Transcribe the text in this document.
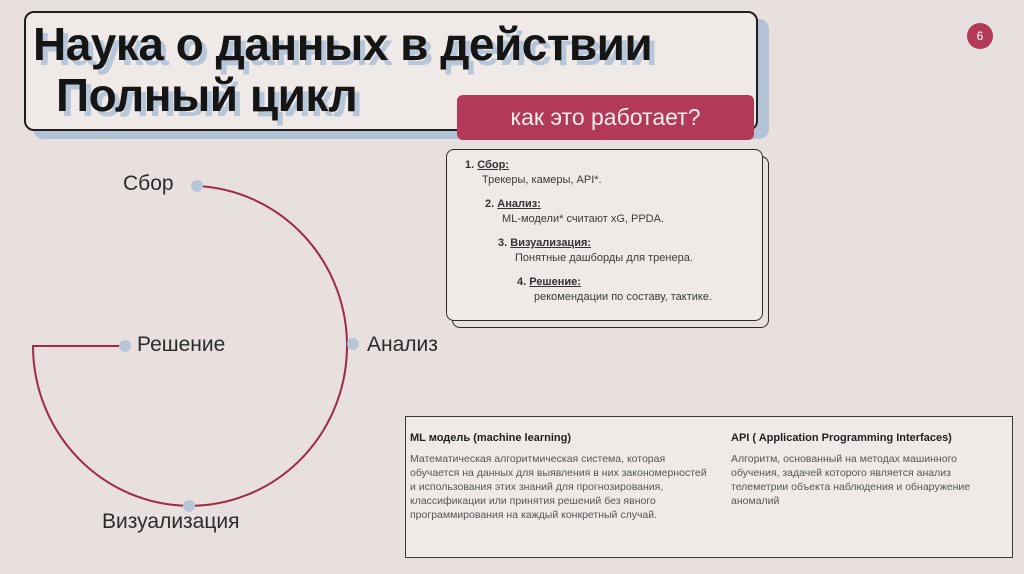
6
Наука о данных в действии
Полный цикл	как это работает?
1. Сбор:
Трекеры, камеры, API*.
2. Анализ:
ML-модели* считают xG, PPDA.
3. Визуализация:
Понятные дашборды для тренера.
4. Решение:
рекомендации по составу, тактике.
Сбор
Анализ
Визуализация
Решение
ML модель (machine learning)
Математическая алгоритмическая система, которая обучается на данных для выявления в них закономерностей и использования этих знаний для прогнозирования, классификации или принятия решений без явного программирования на каждый конкретный случай.
API ( Application Programming Interfaces)
Алгоритм, основанный на методах машинного обучения, задачей которого является анализ телеметрии объекта наблюдения и обнаружение аномалий
